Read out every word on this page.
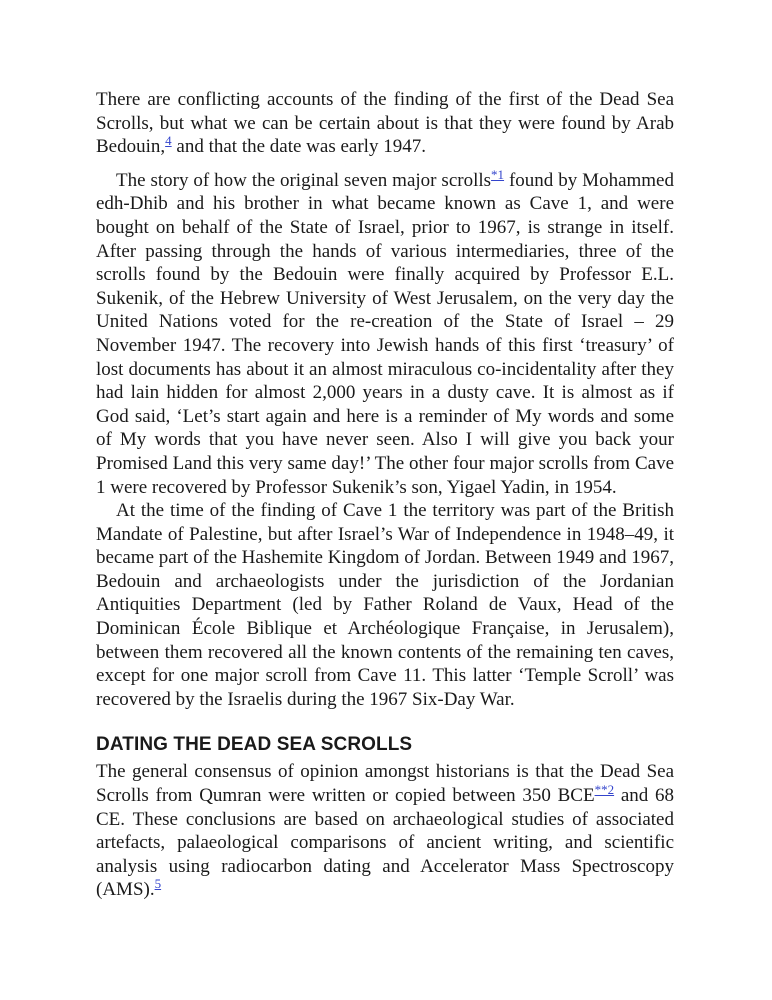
There are conflicting accounts of the finding of the first of the Dead Sea Scrolls, but what we can be certain about is that they were found by Arab Bedouin,$^4$ and that the date was early 1947.

The story of how the original seven major scrolls$^{*1}$ found by Mohammed edh-Dhib and his brother in what became known as Cave 1, and were bought on behalf of the State of Israel, prior to 1967, is strange in itself. After passing through the hands of various intermediaries, three of the scrolls found by the Bedouin were finally acquired by Professor E.L. Sukenik, of the Hebrew University of West Jerusalem, on the very day the United Nations voted for the re-creation of the State of Israel – 29 November 1947. The recovery into Jewish hands of this first ‘treasury’ of lost documents has about it an almost miraculous co-incidentality after they had lain hidden for almost 2,000 years in a dusty cave. It is almost as if God said, ‘Let’s start again and here is a reminder of My words and some of My words that you have never seen. Also I will give you back your Promised Land this very same day!’ The other four major scrolls from Cave 1 were recovered by Professor Sukenik’s son, Yigael Yadin, in 1954.

At the time of the finding of Cave 1 the territory was part of the British Mandate of Palestine, but after Israel’s War of Independence in 1948–49, it became part of the Hashemite Kingdom of Jordan. Between 1949 and 1967, Bedouin and archaeologists under the jurisdiction of the Jordanian Antiquities Department (led by Father Roland de Vaux, Head of the Dominican École Biblique et Archéologique Française, in Jerusalem), between them recovered all the known contents of the remaining ten caves, except for one major scroll from Cave 11. This latter ‘Temple Scroll’ was recovered by the Israelis during the 1967 Six-Day War.

DATING THE DEAD SEA SCROLLS

The general consensus of opinion amongst historians is that the Dead Sea Scrolls from Qumran were written or copied between 350 BCE$^{**2}$ and 68 CE. These conclusions are based on archaeological studies of associated artefacts, palaeological comparisons of ancient writing, and scientific analysis using radiocarbon dating and Accelerator Mass Spectroscopy (AMS).$^5$
